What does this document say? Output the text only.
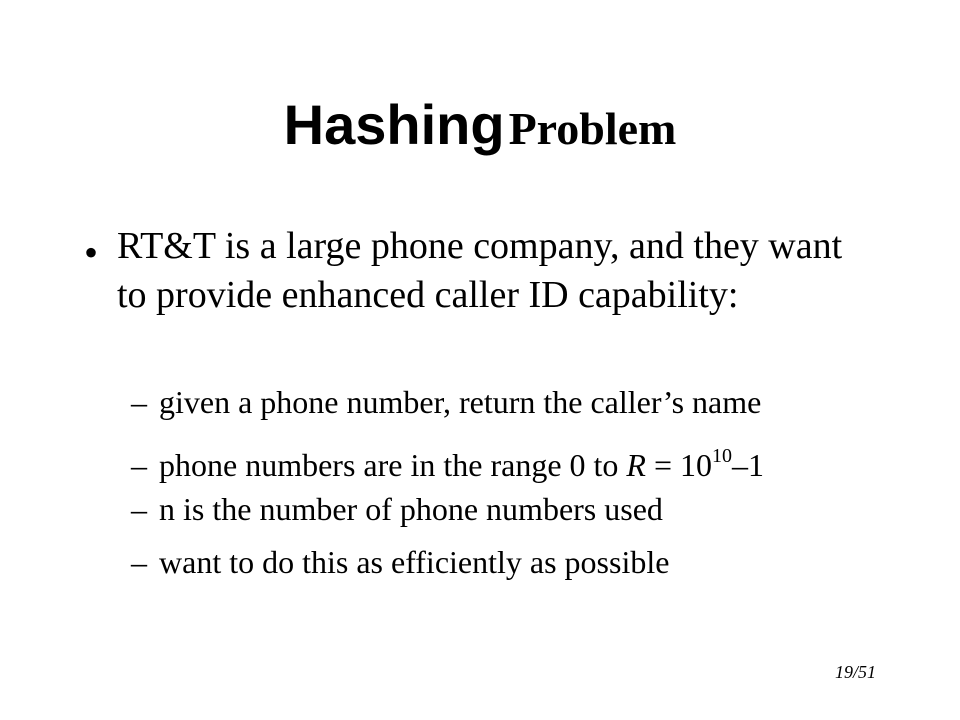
Hashing Problem
• RT&T is a large phone company, and they want to provide enhanced caller ID capability:
– given a phone number, return the caller’s name
– phone numbers are in the range 0 to $R = 10^{10}-1$
– n is the number of phone numbers used
– want to do this as efficiently as possible
19/51
